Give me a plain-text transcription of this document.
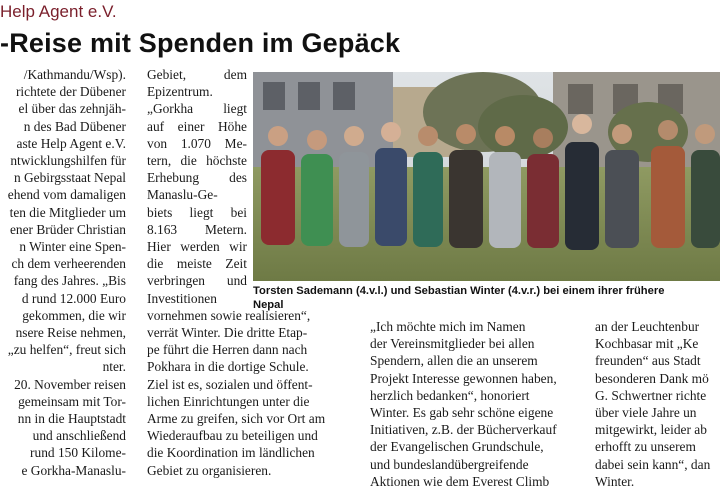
Help Agent e.V.
-Reise mit Spenden im Gepäck
/Kathmandu/Wsp).
richtete der Dübener
el über das zehnjäh-
n des Bad Dübener
aste Help Agent e.V.
ntwicklungshilfen für
n Gebirgsstaat Nepal
ehend vom damaligen
ten die Mitglieder um
ener Brüder Christian
n Winter eine Spen-
ch dem verheerenden
fang des Jahres. „Bis
d rund 12.000 Euro
gekommen, die wir
nsere Reise nehmen,
„zu helfen“, freut sich
nter.
20. November reisen
gemeinsam mit Tor-
nn in die Hauptstadt
und anschließend
rund 150 Kilome-
e Gorkha-Manaslu-
Gebiet, dem
Epizentrum.
„Gorkha liegt
auf einer Höhe
von 1.070 Me-
tern, die höchste
Erhebung des
Manaslu-Ge-
biets liegt bei
8.163 Metern.
Hier werden wir
die meiste Zeit
verbringen und
Investitionen
vornehmen sowie realisieren“,
verrät Winter. Die dritte Etap-
pe führt die Herren dann nach
Pokhara in die dortige Schule.
Ziel ist es, sozialen und öffent-
lichen Einrichtungen unter die
Arme zu greifen, sich vor Ort am
Wiederaufbau zu beteiligen und
die Koordination im ländlichen
Gebiet zu organisieren.
Torsten Sademann (4.v.l.) und Sebastian Winter (4.v.r.) bei einem ihrer frühere
Nepal
„Ich möchte mich im Namen
der Vereinsmitglieder bei allen
Spendern, allen die an unserem
Projekt Interesse gewonnen haben,
herzlich bedanken“, honoriert
Winter. Es gab sehr schöne eigene
Initiativen, z.B. der Bücherverkauf
der Evangelischen Grundschule,
und bundeslandübergreifende
Aktionen wie dem Everest Climb
an der Leuchtenbur
Kochbasar mit „Ke
freunden“ aus Stadt
besonderen Dank mö
G. Schwertner richte
über viele Jahre un
mitgewirkt, leider ab
erhofft zu unserem
dabei sein kann“, dan
Winter.
